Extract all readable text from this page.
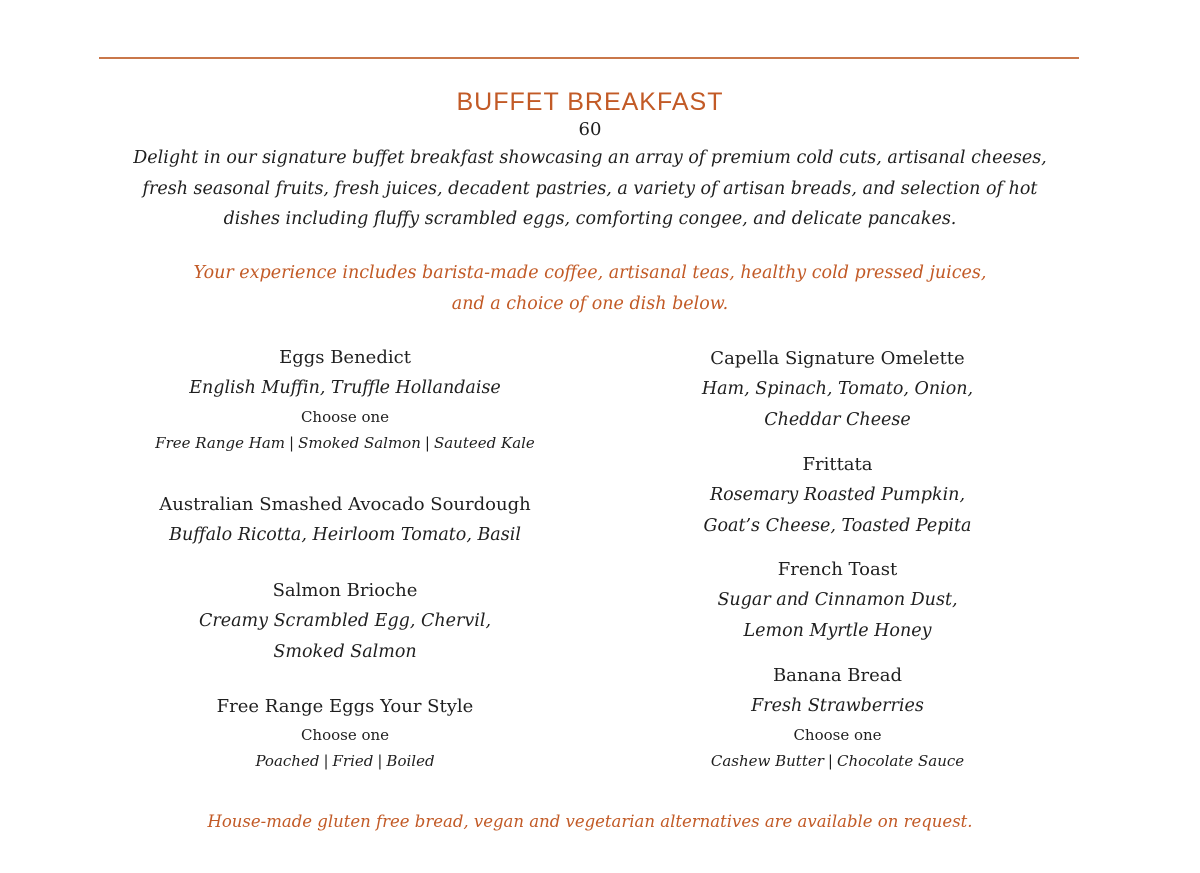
BUFFET BREAKFAST
60

Delight in our signature buffet breakfast showcasing an array of premium cold cuts, artisanal cheeses,
fresh seasonal fruits, fresh juices, decadent pastries, a variety of artisan breads, and selection of hot
dishes including fluffy scrambled eggs, comforting congee, and delicate pancakes.

Your experience includes barista-made coffee, artisanal teas, healthy cold pressed juices,
and a choice of one dish below.

Eggs Benedict
English Muffin, Truffle Hollandaise
Choose one
Free Range Ham | Smoked Salmon | Sauteed Kale
Australian Smashed Avocado Sourdough
Buffalo Ricotta, Heirloom Tomato, Basil
Salmon Brioche
Creamy Scrambled Egg, Chervil,
Smoked Salmon
Free Range Eggs Your Style
Choose one
Poached | Fried | Boiled
Capella Signature Omelette
Ham, Spinach, Tomato, Onion,
Cheddar Cheese
Frittata
Rosemary Roasted Pumpkin,
Goat’s Cheese, Toasted Pepita
French Toast
Sugar and Cinnamon Dust,
Lemon Myrtle Honey
Banana Bread
Fresh Strawberries
Choose one
Cashew Butter | Chocolate Sauce
House-made gluten free bread, vegan and vegetarian alternatives are available on request.
